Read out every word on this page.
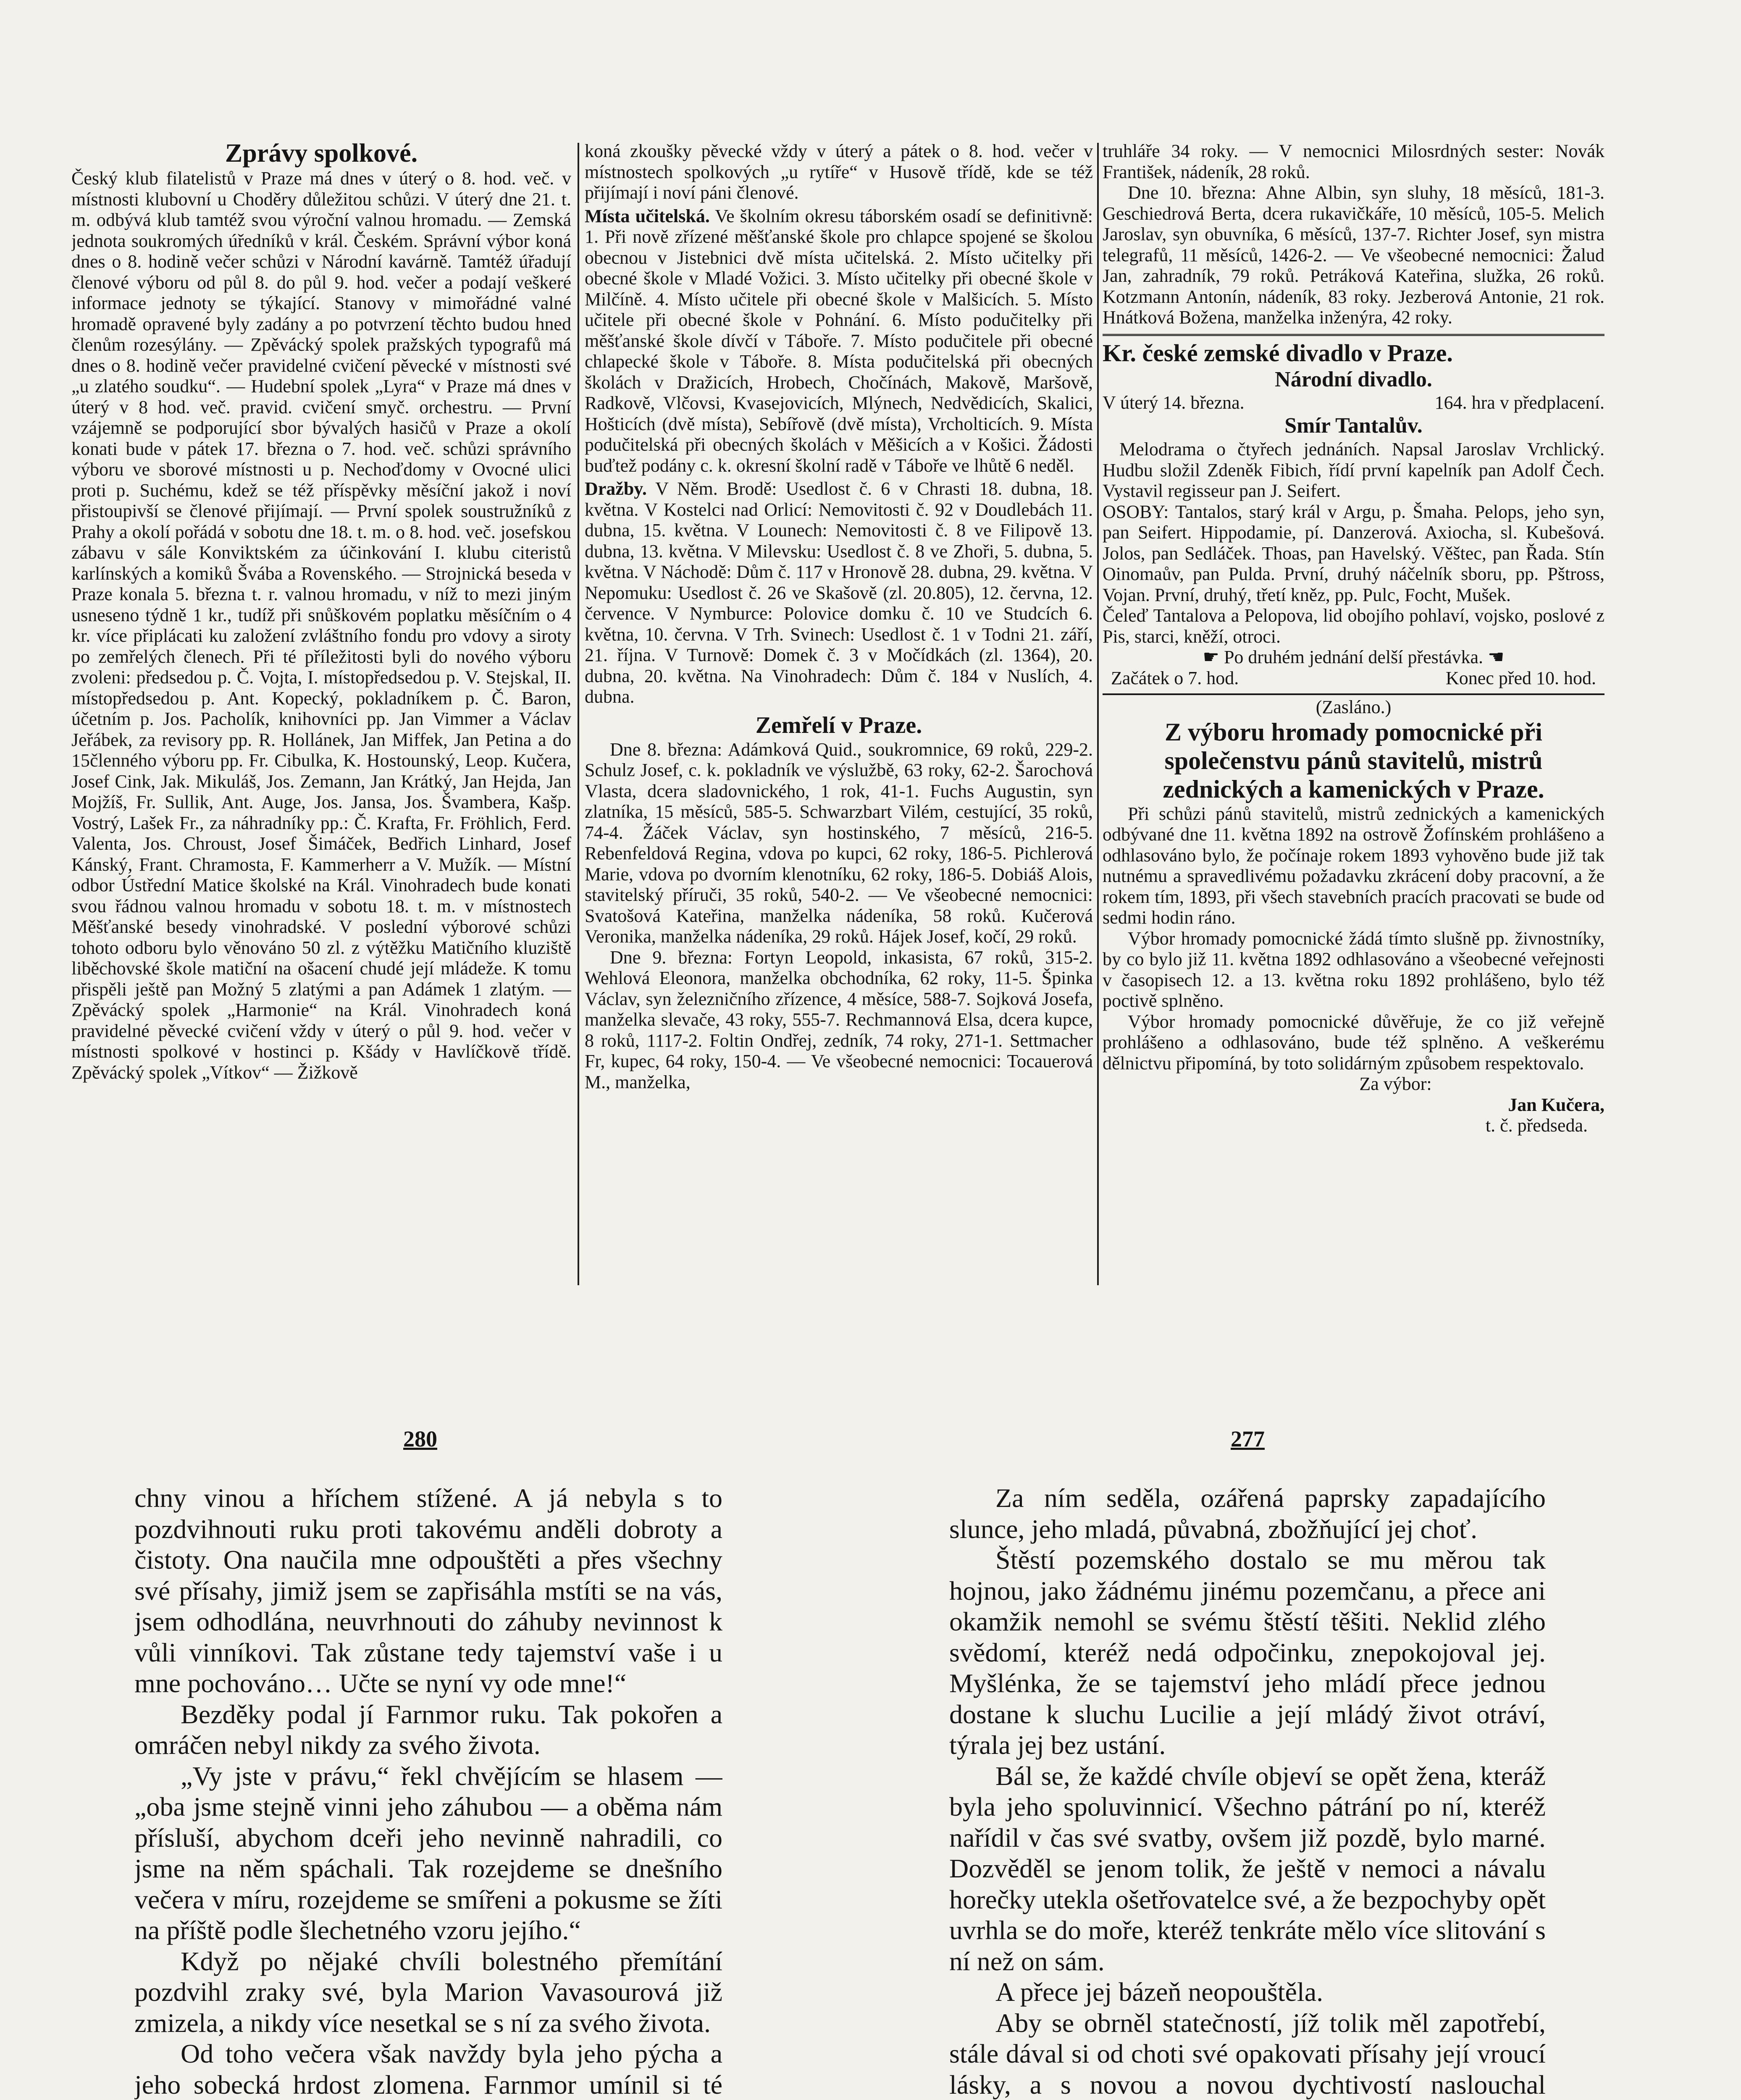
Zprávy spolkové.

Český klub filatelistů v Praze má dnes v úterý o 8. hod. več. v místnosti klubovní u Choděry důležitou schůzi. V úterý dne 21. t. m. odbývá klub tamtéž svou výroční valnou hromadu. — Zemská jednota soukromých úředníků v král. Českém. Správní výbor koná dnes o 8. hodině večer schůzi v Národní kavárně. Tamtéž úřadují členové výboru od půl 8. do půl 9. hod. večer a podají veškeré informace jednoty se týkající. Stanovy v mimořádné valné hromadě opravené byly zadány a po potvrzení těchto budou hned členům rozesýlány. — Zpěvácký spolek pražských typografů má dnes o 8. hodině večer pravidelné cvičení pěvecké v místnosti své „u zlatého soudku“. — Hudební spolek „Lyra“ v Praze má dnes v úterý v 8 hod. več. pravid. cvičení smyč. orchestru. — První vzájemně se podporující sbor bývalých hasičů v Praze a okolí konati bude v pátek 17. března o 7. hod. več. schůzi správního výboru ve sborové místnosti u p. Nechoďdomy v Ovocné ulici proti p. Suchému, kdež se též příspěvky měsíční jakož i noví přistoupivší se členové přijímají. — První spolek soustružníků z Prahy a okolí pořádá v sobotu dne 18. t. m. o 8. hod. več. josefskou zábavu v sále Konviktském za účinkování I. klubu citeristů karlínských a komiků Švába a Rovenského. — Strojnická beseda v Praze konala 5. března t. r. valnou hromadu, v níž to mezi jiným usneseno týdně 1 kr., tudíž při snůškovém poplatku měsíčním o 4 kr. více připlácati ku založení zvláštního fondu pro vdovy a siroty po zemřelých členech. Při té příležitosti byli do nového výboru zvoleni: předsedou p. Č. Vojta, I. místopředsedou p. V. Stejskal, II. místopředsedou p. Ant. Kopecký, pokladníkem p. Č. Baron, účetním p. Jos. Pacholík, knihovníci pp. Jan Vimmer a Václav Jeřábek, za revisory pp. R. Hollánek, Jan Miffek, Jan Petina a do 15členného výboru pp. Fr. Cibulka, K. Hostounský, Leop. Kučera, Josef Cink, Jak. Mikuláš, Jos. Zemann, Jan Krátký, Jan Hejda, Jan Mojžíš, Fr. Sullik, Ant. Auge, Jos. Jansa, Jos. Švambera, Kašp. Vostrý, Lašek Fr., za náhradníky pp.: Č. Krafta, Fr. Fröhlich, Ferd. Valenta, Jos. Chroust, Josef Šimáček, Bedřich Linhard, Josef Kánský, Frant. Chramosta, F. Kammerherr a V. Mužík. — Místní odbor Ústřední Matice školské na Král. Vinohradech bude konati svou řádnou valnou hromadu v sobotu 18. t. m. v místnostech Měšťanské besedy vinohradské. V poslední výborové schůzi tohoto odboru bylo věnováno 50 zl. z výtěžku Matičního kluziště liběchovské škole matiční na ošacení chudé její mládeže. K tomu přispěli ještě pan Možný 5 zlatými a pan Adámek 1 zlatým. — Zpěvácký spolek „Harmonie“ na Král. Vinohradech koná pravidelné pěvecké cvičení vždy v úterý o půl 9. hod. večer v místnosti spolkové v hostinci p. Kšády v Havlíčkově třídě. Zpěvácký spolek „Vítkov“ — Žižkově

koná zkoušky pěvecké vždy v úterý a pátek o 8. hod. večer v místnostech spolkových „u rytíře“ v Husově třídě, kde se též přijímají i noví páni členové.

Místa učitelská. Ve školním okresu táborském osadí se definitivně: 1. Při nově zřízené měšťanské škole pro chlapce spojené se školou obecnou v Jistebnici dvě místa učitelská. 2. Místo učitelky při obecné škole v Mladé Vožici. 3. Místo učitelky při obecné škole v Milčíně. 4. Místo učitele při obecné škole v Malšicích. 5. Místo učitele při obecné škole v Pohnání. 6. Místo podučitelky při měšťanské škole dívčí v Táboře. 7. Místo podučitele při obecné chlapecké škole v Táboře. 8. Místa podučitelská při obecných školách v Dražicích, Hrobech, Chočínách, Makově, Maršově, Radkově, Vlčovsi, Kvasejovicích, Mlýnech, Nedvědicích, Skalici, Hošticích (dvě místa), Sebířově (dvě místa), Vrcholticích. 9. Místa podučitelská při obecných školách v Měšicích a v Košici. Žádosti buďtež podány c. k. okresní školní radě v Táboře ve lhůtě 6 neděl.

Dražby. V Něm. Brodě: Usedlost č. 6 v Chrasti 18. dubna, 18. května. V Kostelci nad Orlicí: Nemovitosti č. 92 v Doudlebách 11. dubna, 15. května. V Lounech: Nemovitosti č. 8 ve Filipově 13. dubna, 13. května. V Milevsku: Usedlost č. 8 ve Zhoři, 5. dubna, 5. května. V Náchodě: Dům č. 117 v Hronově 28. dubna, 29. května. V Nepomuku: Usedlost č. 26 ve Skašově (zl. 20.805), 12. června, 12. července. V Nymburce: Polovice domku č. 10 ve Studcích 6. května, 10. června. V Trh. Svinech: Usedlost č. 1 v Todni 21. září, 21. října. V Turnově: Domek č. 3 v Močídkách (zl. 1364), 20. dubna, 20. května. Na Vinohradech: Dům č. 184 v Nuslích, 4. dubna.

Zemřelí v Praze.

Dne 8. března: Adámková Quid., soukromnice, 69 roků, 229-2. Schulz Josef, c. k. pokladník ve výslužbě, 63 roky, 62-2. Šarochová Vlasta, dcera sladovnického, 1 rok, 41-1. Fuchs Augustin, syn zlatníka, 15 měsíců, 585-5. Schwarzbart Vilém, cestující, 35 roků, 74-4. Žáček Václav, syn hostinského, 7 měsíců, 216-5. Rebenfeldová Regina, vdova po kupci, 62 roky, 186-5. Pichlerová Marie, vdova po dvorním klenotníku, 62 roky, 186-5. Dobiáš Alois, stavitelský příruči, 35 roků, 540-2. — Ve všeobecné nemocnici: Svatošová Kateřina, manželka nádeníka, 58 roků. Kučerová Veronika, manželka nádeníka, 29 roků. Hájek Josef, kočí, 29 roků.

Dne 9. března: Fortyn Leopold, inkasista, 67 roků, 315-2. Wehlová Eleonora, manželka obchodníka, 62 roky, 11-5. Špinka Václav, syn železničního zřízence, 4 měsíce, 588-7. Sojková Josefa, manželka slevače, 43 roky, 555-7. Rechmannová Elsa, dcera kupce, 8 roků, 1117-2. Foltin Ondřej, zedník, 74 roky, 271-1. Settmacher Fr, kupec, 64 roky, 150-4. — Ve všeobecné nemocnici: Tocauerová M., manželka,

truhláře 34 roky. — V nemocnici Milosrdných sester: Novák František, nádeník, 28 roků.

Dne 10. března: Ahne Albin, syn sluhy, 18 měsíců, 181-3. Geschiedrová Berta, dcera rukavičkáře, 10 měsíců, 105-5. Melich Jaroslav, syn obuvníka, 6 měsíců, 137-7. Richter Josef, syn mistra telegrafů, 11 měsíců, 1426-2. — Ve všeobecné nemocnici: Žalud Jan, zahradník, 79 roků. Petráková Kateřina, služka, 26 roků. Kotzmann Antonín, nádeník, 83 roky. Jezberová Antonie, 21 rok. Hnátková Božena, manželka inženýra, 42 roky.

Kr. české zemské divadlo v Praze.
Národní divadlo.
V úterý 14. března.	164. hra v předplacení.
Smír Tantalův.

Melodrama o čtyřech jednáních. Napsal Jaroslav Vrchlický. Hudbu složil Zdeněk Fibich, řídí první kapelník pan Adolf Čech. Vystavil regisseur pan J. Seifert.

OSOBY: Tantalos, starý král v Argu, p. Šmaha. Pelops, jeho syn, pan Seifert. Hippodamie, pí. Danzerová. Axiocha, sl. Kubešová. Jolos, pan Sedláček. Thoas, pan Havelský. Věštec, pan Řada. Stín Oinomaův, pan Pulda. První, druhý náčelník sboru, pp. Pštross, Vojan. První, druhý, třetí kněz, pp. Pulc, Focht, Mušek.

Čeleď Tantalova a Pelopova, lid obojího pohlaví, vojsko, poslové z Pis, starci, kněží, otroci.

☛ Po druhém jednání delší přestávka. ☚
Začátek o 7. hod.	Konec před 10. hod.
(Zasláno.)
Z výboru hromady pomocnické při společenstvu pánů stavitelů, mistrů zednických a kamenických v Praze.

Při schůzi pánů stavitelů, mistrů zednických a kamenických odbývané dne 11. května 1892 na ostrově Žofínském prohlášeno a odhlasováno bylo, že počínaje rokem 1893 vyhověno bude již tak nutnému a spravedlivému požadavku zkrácení doby pracovní, a že rokem tím, 1893, při všech stavebních pracích pracovati se bude od sedmi hodin ráno.

Výbor hromady pomocnické žádá tímto slušně pp. živnostníky, by co bylo již 11. května 1892 odhlasováno a všeobecné veřejnosti v časopisech 12. a 13. května roku 1892 prohlášeno, bylo též poctivě splněno.

Výbor hromady pomocnické důvěřuje, že co již veřejně prohlášeno a odhlasováno, bude též splněno. A veškerému dělnictvu připomíná, by toto solidárným způsobem respektovalo.

Za výbor:
Jan Kučera,
t. č. předseda.
280

chny vinou a hříchem stížené. A já nebyla s to pozdvihnouti ruku proti takovému anděli dobroty a čistoty. Ona naučila mne odpouštěti a přes všechny své přísahy, jimiž jsem se zapřisáhla mstíti se na vás, jsem odhodlána, neuvrhnouti do záhuby nevinnost k vůli vinníkovi. Tak zůstane tedy tajemství vaše i u mne pochováno… Učte se nyní vy ode mne!“

Bezděky podal jí Farnmor ruku. Tak pokořen a omráčen nebyl nikdy za svého života.

„Vy jste v právu,“ řekl chvějícím se hlasem — „oba jsme stejně vinni jeho záhubou — a oběma nám přísluší, abychom dceři jeho nevinně nahradili, co jsme na něm spáchali. Tak rozejdeme se dnešního večera v míru, rozejdeme se smířeni a pokusme se žíti na příště podle šlechetného vzoru jejího.“

Když po nějaké chvíli bolestného přemítání pozdvihl zraky své, byla Marion Vavasourová již zmizela, a nikdy více nesetkal se s ní za svého života.

Od toho večera však navždy byla jeho pýcha a jeho sobecká hrdost zlomena. Farnmor umínil si té

277

Za ním seděla, ozářená paprsky zapadajícího slunce, jeho mladá, půvabná, zbožňující jej choť.

Štěstí pozemského dostalo se mu měrou tak hojnou, jako žádnému jinému pozemčanu, a přece ani okamžik nemohl se svému štěstí těšiti. Neklid zlého svědomí, kteréž nedá odpočinku, znepokojoval jej. Myšlénka, že se tajemství jeho mládí přece jednou dostane k sluchu Lucilie a její mládý život otráví, týrala jej bez ustání.

Bál se, že každé chvíle objeví se opět žena, kteráž byla jeho spoluvinnicí. Všechno pátrání po ní, kteréž nařídil v čas své svatby, ovšem již pozdě, bylo marné. Dozvěděl se jenom tolik, že ještě v nemoci a návalu horečky utekla ošetřovatelce své, a že bezpochyby opět uvrhla se do moře, kteréž tenkráte mělo více slitování s ní než on sám.

A přece jej bázeň neopouštěla.

Aby se obrněl statečností, jíž tolik měl zapotřebí, stále dával si od choti své opakovati přísahy její vroucí lásky, a s novou a novou dychtivostí naslouchal
